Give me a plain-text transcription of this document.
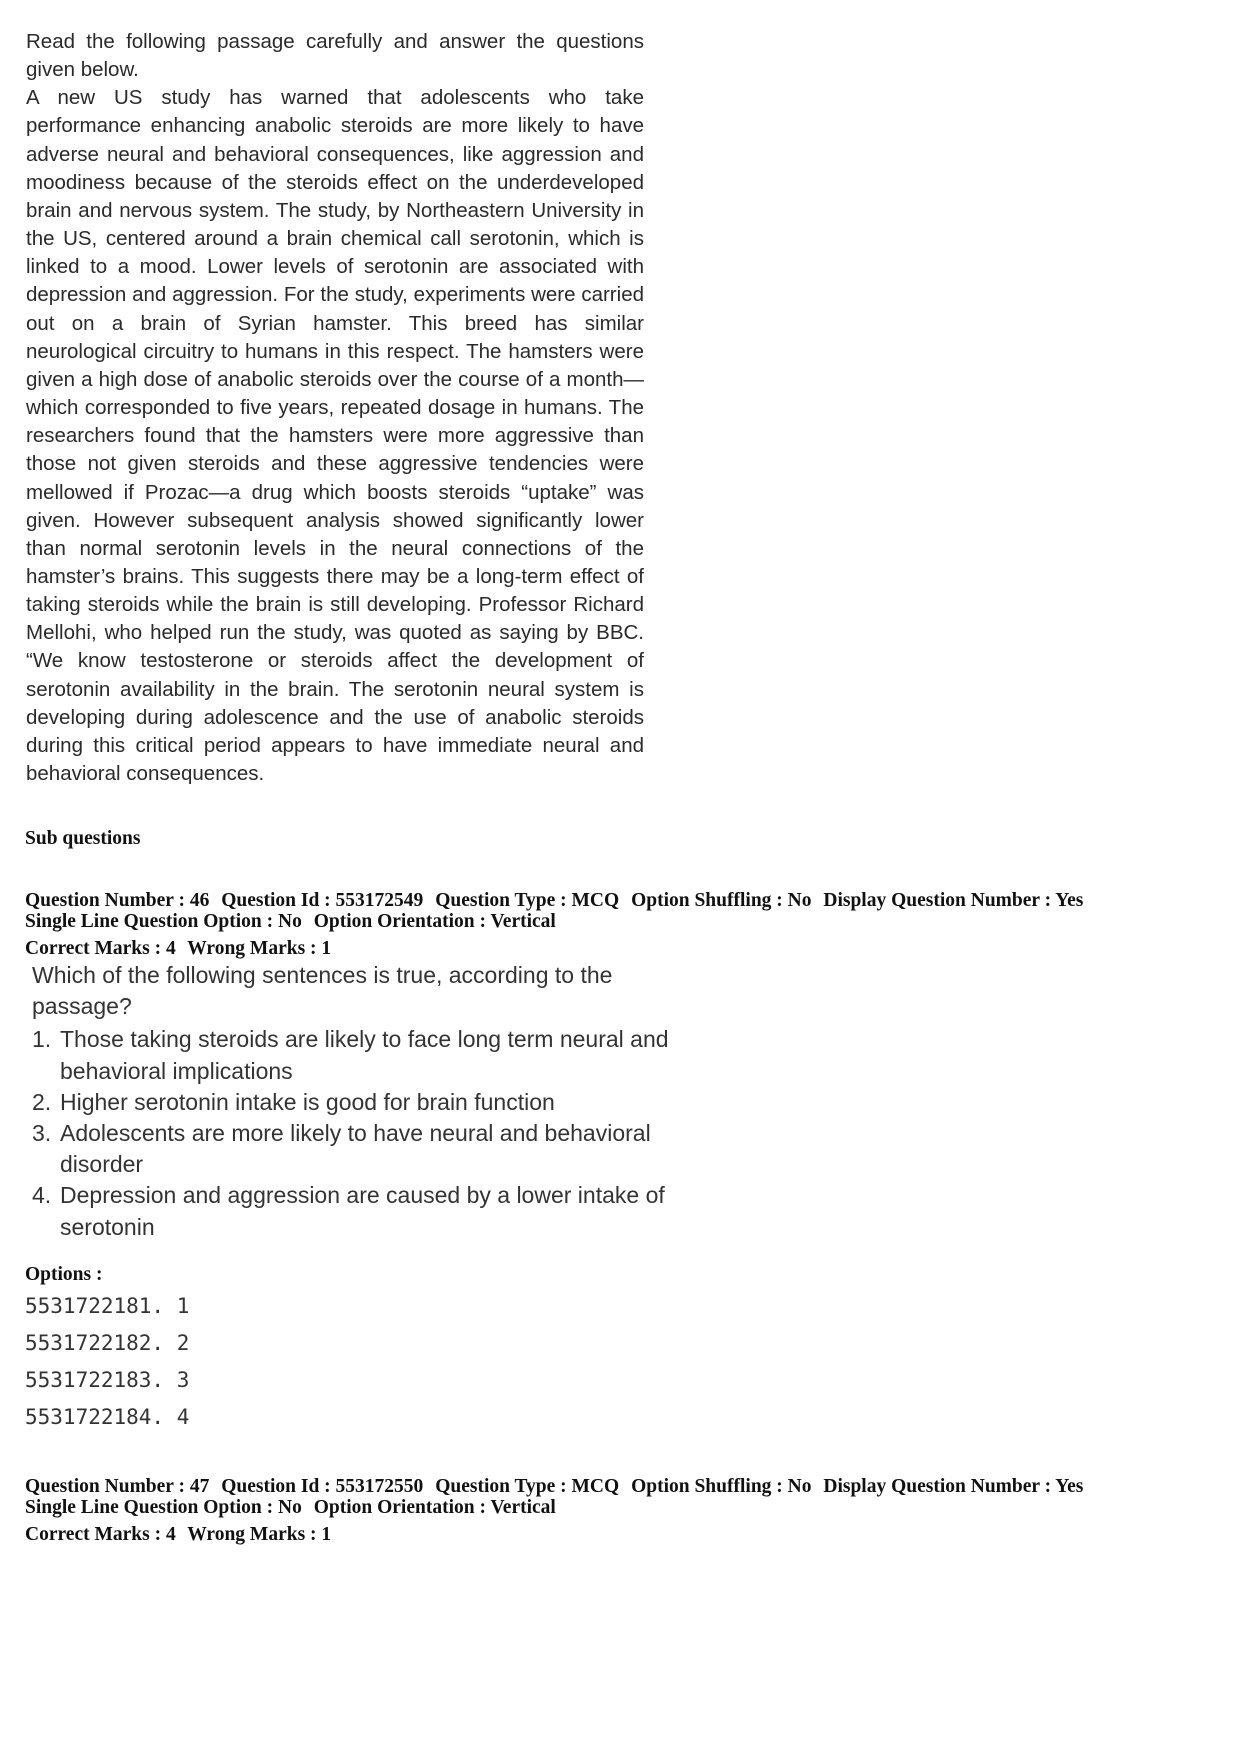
Read the following passage carefully and answer the questions given below.

A new US study has warned that adolescents who take performance enhancing anabolic steroids are more likely to have adverse neural and behavioral consequences, like aggression and moodiness because of the steroids effect on the underdeveloped brain and nervous system. The study, by Northeastern University in the US, centered around a brain chemical call serotonin, which is linked to a mood. Lower levels of serotonin are associated with depression and aggression. For the study, experiments were carried out on a brain of Syrian hamster. This breed has similar neurological circuitry to humans in this respect. The hamsters were given a high dose of anabolic steroids over the course of a month—which corresponded to five years, repeated dosage in humans. The researchers found that the hamsters were more aggressive than those not given steroids and these aggressive tendencies were mellowed if Prozac—a drug which boosts steroids “uptake” was given. However subsequent analysis showed significantly lower than normal serotonin levels in the neural connections of the hamster’s brains. This suggests there may be a long-term effect of taking steroids while the brain is still developing. Professor Richard Mellohi, who helped run the study, was quoted as saying by BBC. “We know testosterone or steroids affect the development of serotonin availability in the brain. The serotonin neural system is developing during adolescence and the use of anabolic steroids during this critical period appears to have immediate neural and behavioral consequences.

Sub questions
Question Number : 46 Question Id : 553172549 Question Type : MCQ Option Shuffling : No Display Question Number : Yes
Single Line Question Option : No Option Orientation : Vertical
Correct Marks : 4 Wrong Marks : 1

Which of the following sentences is true, according to the passage?

1. Those taking steroids are likely to face long term neural and behavioral implications
2. Higher serotonin intake is good for brain function
3. Adolescents are more likely to have neural and behavioral disorder
4. Depression and aggression are caused by a lower intake of serotonin
Options :
5531722181. 1
5531722182. 2
5531722183. 3
5531722184. 4
Question Number : 47 Question Id : 553172550 Question Type : MCQ Option Shuffling : No Display Question Number : Yes
Single Line Question Option : No Option Orientation : Vertical
Correct Marks : 4 Wrong Marks : 1
